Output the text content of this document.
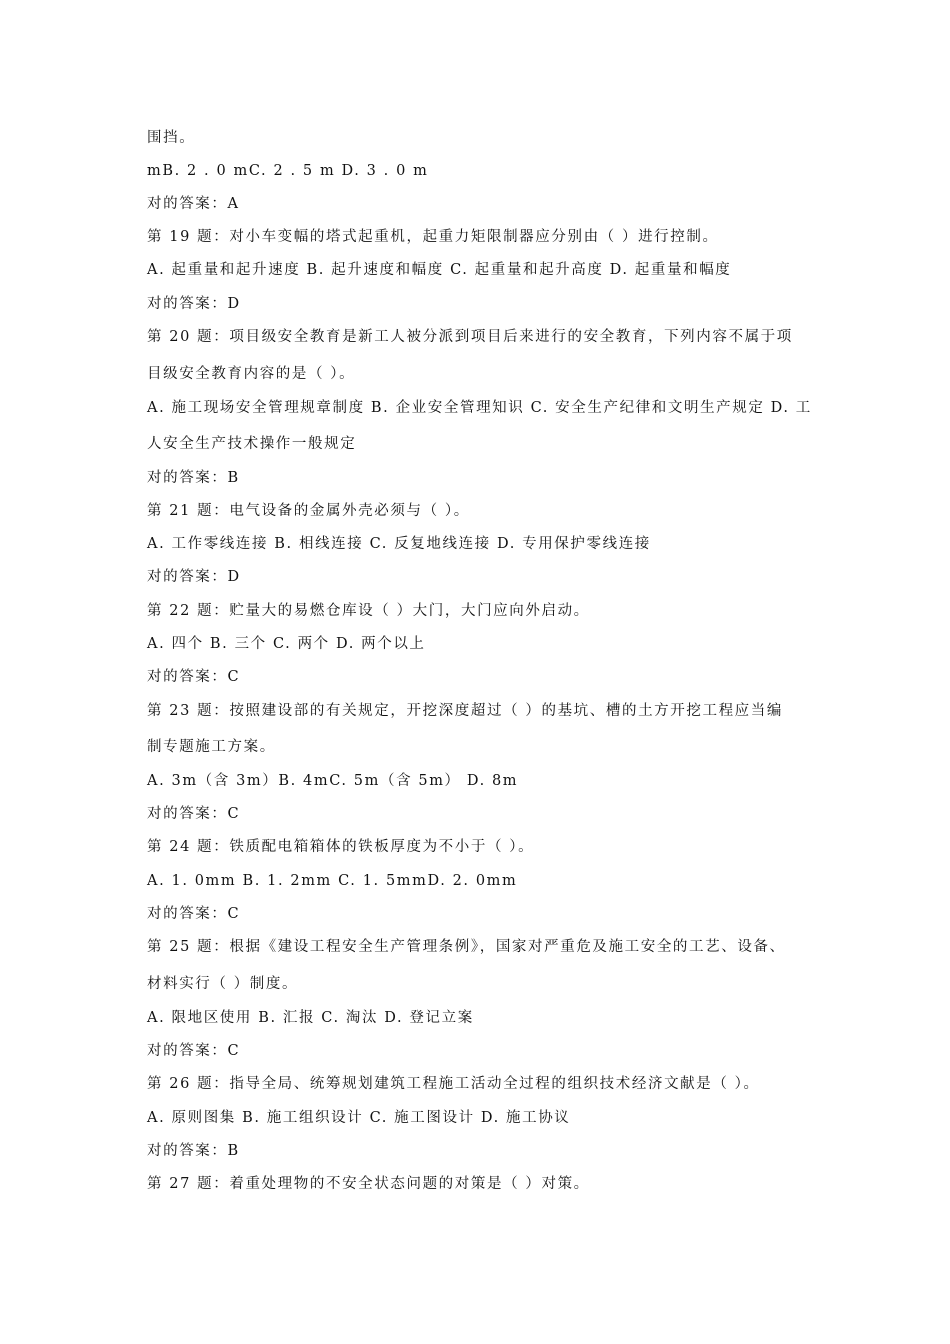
围挡。
mB. 2 . 0 mC. 2 . 5 m D. 3 . 0 m
对的答案：A
第 19 题：对小车变幅的塔式起重机，起重力矩限制器应分别由（ ）进行控制。
A. 起重量和起升速度 B. 起升速度和幅度 C. 起重量和起升高度 D. 起重量和幅度
对的答案：D
第 20 题：项目级安全教育是新工人被分派到项目后来进行的安全教育，下列内容不属于项
目级安全教育内容的是（ ）。
A. 施工现场安全管理规章制度 B. 企业安全管理知识 C. 安全生产纪律和文明生产规定 D. 工
人安全生产技术操作一般规定
对的答案：B
第 21 题：电气设备的金属外壳必须与（ ）。
A. 工作零线连接 B. 相线连接 C. 反复地线连接 D. 专用保护零线连接
对的答案：D
第 22 题：贮量大的易燃仓库设（ ）大门，大门应向外启动。
A. 四个 B. 三个 C. 两个 D. 两个以上
对的答案：C
第 23 题：按照建设部的有关规定，开挖深度超过（ ）的基坑、槽的土方开挖工程应当编
制专题施工方案。
A. 3m（含 3m）B. 4mC. 5m（含 5m） D. 8m
对的答案：C
第 24 题：铁质配电箱箱体的铁板厚度为不小于（ ）。
A. 1. 0mm B. 1. 2mm C. 1. 5mmD. 2. 0mm
对的答案：C
第 25 题：根据《建设工程安全生产管理条例》，国家对严重危及施工安全的工艺、设备、
材料实行（ ）制度。
A. 限地区使用 B. 汇报 C. 淘汰 D. 登记立案
对的答案：C
第 26 题：指导全局、统筹规划建筑工程施工活动全过程的组织技术经济文献是（ ）。
A. 原则图集 B. 施工组织设计 C. 施工图设计 D. 施工协议
对的答案：B
第 27 题：着重处理物的不安全状态问题的对策是（ ）对策。
